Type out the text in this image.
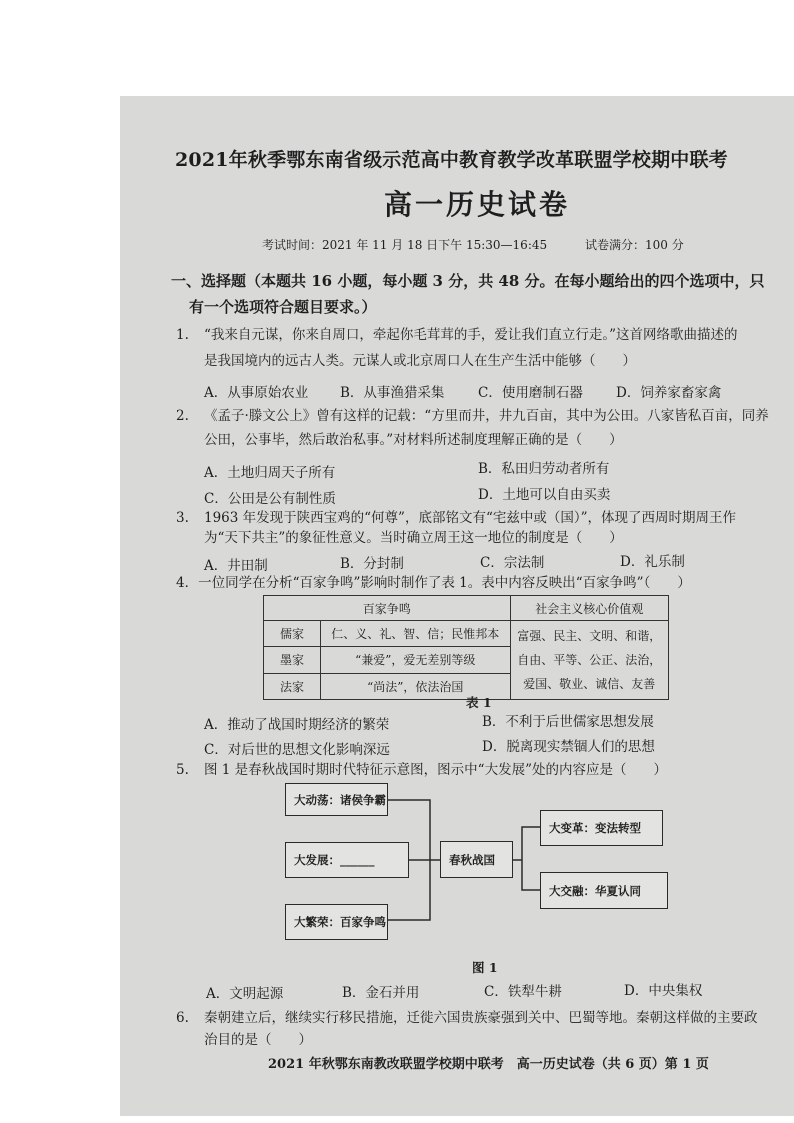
2021年秋季鄂东南省级示范高中教育教学改革联盟学校期中联考
高一历史试卷
考试时间：2021 年 11 月 18 日下午 15:30—16:45	试卷满分：100 分
一、选择题（本题共 16 小题，每小题 3 分，共 48 分。在每小题给出的四个选项中，只
有一个选项符合题目要求。）
1. “我来自元谋，你来自周口，牵起你毛茸茸的手，爱让我们直立行走。”这首网络歌曲描述的
是我国境内的远古人类。元谋人或北京周口人在生产生活中能够（　　）
A．从事原始农业 B．从事渔猎采集 C．使用磨制石器 D．饲养家畜家禽
2. 《孟子·滕文公上》曾有这样的记载：“方里而井，井九百亩，其中为公田。八家皆私百亩，同养
公田，公事毕，然后敢治私事。”对材料所述制度理解正确的是（　　）
A．土地归周天子所有	B．私田归劳动者所有
C．公田是公有制性质	D．土地可以自由买卖
3. 1963 年发现于陕西宝鸡的“何尊”，底部铭文有“宅兹中或（国）”，体现了西周时期周王作
为“天下共主”的象征性意义。当时确立周王这一地位的制度是（　　）
A．井田制	B．分封制	C．宗法制	D．礼乐制
4．一位同学在分析“百家争鸣”影响时制作了表 1。表中内容反映出“百家争鸣”（　　）
百家争鸣		社会主义核心价值观
儒家	仁、义、礼、智、信；民惟邦本	富强、民主、文明、和谐，自由、平等、公正、法治，爱国、敬业、诚信、友善
墨家	“兼爱”，爱无差别等级	
法家	“尚法”，依法治国	
表 1
A．推动了战国时期经济的繁荣	B．不利于后世儒家思想发展
C．对后世的思想文化影响深远	D．脱离现实禁锢人们的思想
5. 图 1 是春秋战国时期时代特征示意图，图示中“大发展”处的内容应是（　　）
大动荡：诸侯争霸
大发展：______
大繁荣：百家争鸣
春秋战国
大变革：变法转型
大交融：华夏认同
图 1
A．文明起源	B．金石并用	C．铁犁牛耕	D．中央集权
6. 秦朝建立后，继续实行移民措施，迁徙六国贵族豪强到关中、巴蜀等地。秦朝这样做的主要政
治目的是（　　）
2021 年秋鄂东南教改联盟学校期中联考　高一历史试卷（共 6 页）第 1 页
